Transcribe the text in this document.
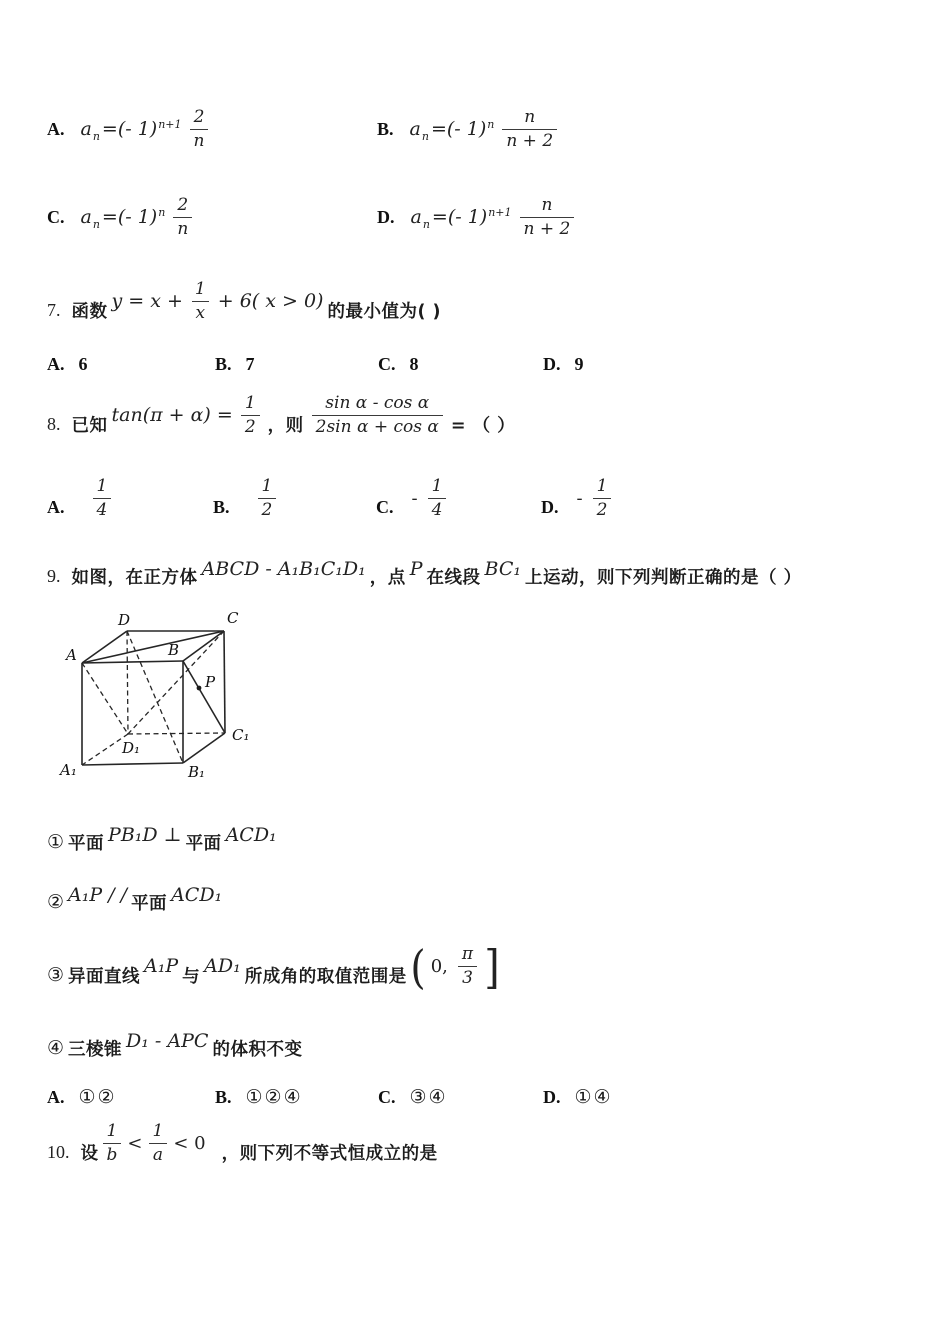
A. $a_n$ =(- $1)^{n+1} \frac{2}{n}$	B. $a_n$ =(- $1)^n \frac{n}{n + 2}$
C. $a_n$ =(- $1)^n \frac{2}{n}$	D. $a_n$ =(- $1)^{n+1} \frac{n}{n + 2}$
7. 函数 $y = x + \frac{1}{x} + 6$( x > 0) 的最小值为( )
A. 6	B. 7	C. 8	D. 9
8. 已知 $\tan(\pi + \alpha) = \frac{1}{2}$ ，则 $\frac{\text{sin α - cos α}}{\text{2sin α + cos α}}$ = （ ）
A. $\frac{1}{4}$	B. $\frac{1}{2}$	C. - $\frac{1}{4}$	D. - $\frac{1}{2}$
9. 如图，在正方体 ABCD - A₁B₁C₁D₁ ，点 P 在线段 BC₁ 上运动，则下列判断正确的是（ ）
D	C
A	B
P
D₁
C₁
A₁	B₁
① 平面 PB₁D ⊥ 平面 ACD₁
② A₁P / / 平面 ACD₁
③ 异面直线 A₁P 与 AD₁ 所成角的取值范围是 ( 0, $\frac{\pi}{3}$ ]
④ 三棱锥 D₁ - APC 的体积不变
A. ①②	B. ①②④	C. ③④	D. ①④
10. 设 $\frac{1}{b} < \frac{1}{a} < 0$ ，则下列不等式恒成立的是
